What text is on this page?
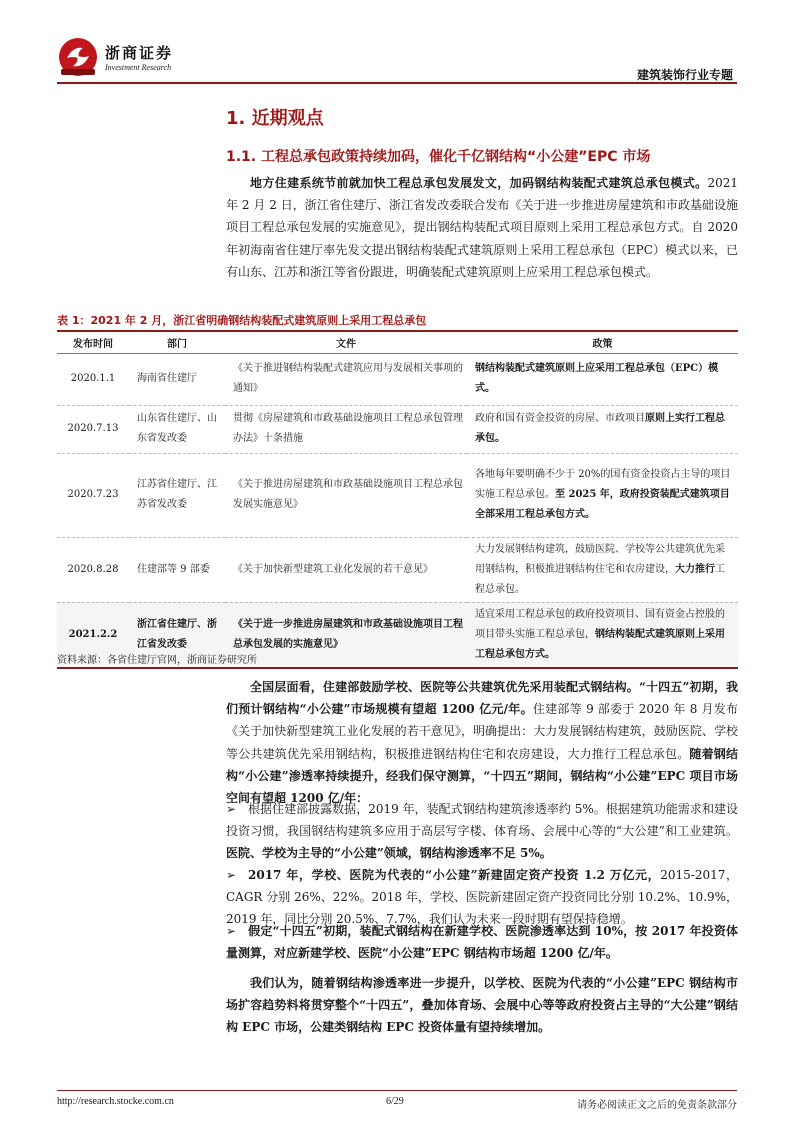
浙商证券
Investment Research
建筑装饰行业专题
1. 近期观点
1.1. 工程总承包政策持续加码，催化千亿钢结构“小公建”EPC 市场
地方住建系统节前就加快工程总承包发展发文，加码钢结构装配式建筑总承包模式。2021 年 2 月 2 日，浙江省住建厅、浙江省发改委联合发布《关于进一步推进房屋建筑和市政基础设施项目工程总承包发展的实施意见》，提出钢结构装配式项目原则上采用工程总承包方式。自 2020 年初海南省住建厅率先发文提出钢结构装配式建筑原则上采用工程总承包（EPC）模式以来，已有山东、江苏和浙江等省份跟进，明确装配式建筑原则上应采用工程总承包模式。
表 1：2021 年 2 月，浙江省明确钢结构装配式建筑原则上采用工程总承包
发布时间	部门	文件	政策
2020.1.1	海南省住建厅	《关于推进钢结构装配式建筑应用与发展相关事项的通知》	钢结构装配式建筑原则上应采用工程总承包（EPC）模式。
2020.7.13	山东省住建厅、山东省发改委	贯彻《房屋建筑和市政基础设施项目工程总承包管理办法》十条措施	政府和国有资金投资的房屋、市政项目原则上实行工程总承包。
2020.7.23	江苏省住建厅、江苏省发改委	《关于推进房屋建筑和市政基础设施项目工程总承包发展实施意见》	各地每年要明确不少于 20%的国有资金投资占主导的项目实施工程总承包。至 2025 年，政府投资装配式建筑项目全部采用工程总承包方式。
2020.8.28	住建部等 9 部委	《关于加快新型建筑工业化发展的若干意见》	大力发展钢结构建筑，鼓励医院、学校等公共建筑优先采用钢结构，积极推进钢结构住宅和农房建设，大力推行工程总承包。
2021.2.2	浙江省住建厅、浙江省发改委	《关于进一步推进房屋建筑和市政基础设施项目工程总承包发展的实施意见》	适宜采用工程总承包的政府投资项目、国有资金占控股的项目带头实施工程总承包，钢结构装配式建筑原则上采用工程总承包方式。
资料来源：各省住建厅官网，浙商证券研究所
全国层面看，住建部鼓励学校、医院等公共建筑优先采用装配式钢结构。“十四五”初期，我们预计钢结构“小公建”市场规模有望超 1200 亿元/年。住建部等 9 部委于 2020 年 8 月发布《关于加快新型建筑工业化发展的若干意见》，明确提出：大力发展钢结构建筑，鼓励医院、学校等公共建筑优先采用钢结构，积极推进钢结构住宅和农房建设，大力推行工程总承包。随着钢结构“小公建”渗透率持续提升，经我们保守测算，“十四五”期间，钢结构“小公建”EPC 项目市场空间有望超 1200 亿/年：
➢ 根据住建部披露数据，2019 年，装配式钢结构建筑渗透率约 5%。根据建筑功能需求和建设投资习惯，我国钢结构建筑多应用于高层写字楼、体育场、会展中心等的“大公建”和工业建筑。医院、学校为主导的“小公建”领域，钢结构渗透率不足 5%。
➢ 2017 年，学校、医院为代表的“小公建”新建固定资产投资 1.2 万亿元，2015-2017，CAGR 分别 26%、22%。2018 年，学校、医院新建固定资产投资同比分别 10.2%、10.9%，2019 年，同比分别 20.5%、7.7%，我们认为未来一段时期有望保持稳增。
➢ 假定“十四五”初期，装配式钢结构在新建学校、医院渗透率达到 10%，按 2017 年投资体量测算，对应新建学校、医院“小公建”EPC 钢结构市场超 1200 亿/年。
我们认为，随着钢结构渗透率进一步提升，以学校、医院为代表的“小公建”EPC 钢结构市场扩容趋势料将贯穿整个“十四五”，叠加体育场、会展中心等等政府投资占主导的“大公建”钢结构 EPC 市场，公建类钢结构 EPC 投资体量有望持续增加。
http://research.stocke.com.cn	6/29	请务必阅读正文之后的免责条款部分
